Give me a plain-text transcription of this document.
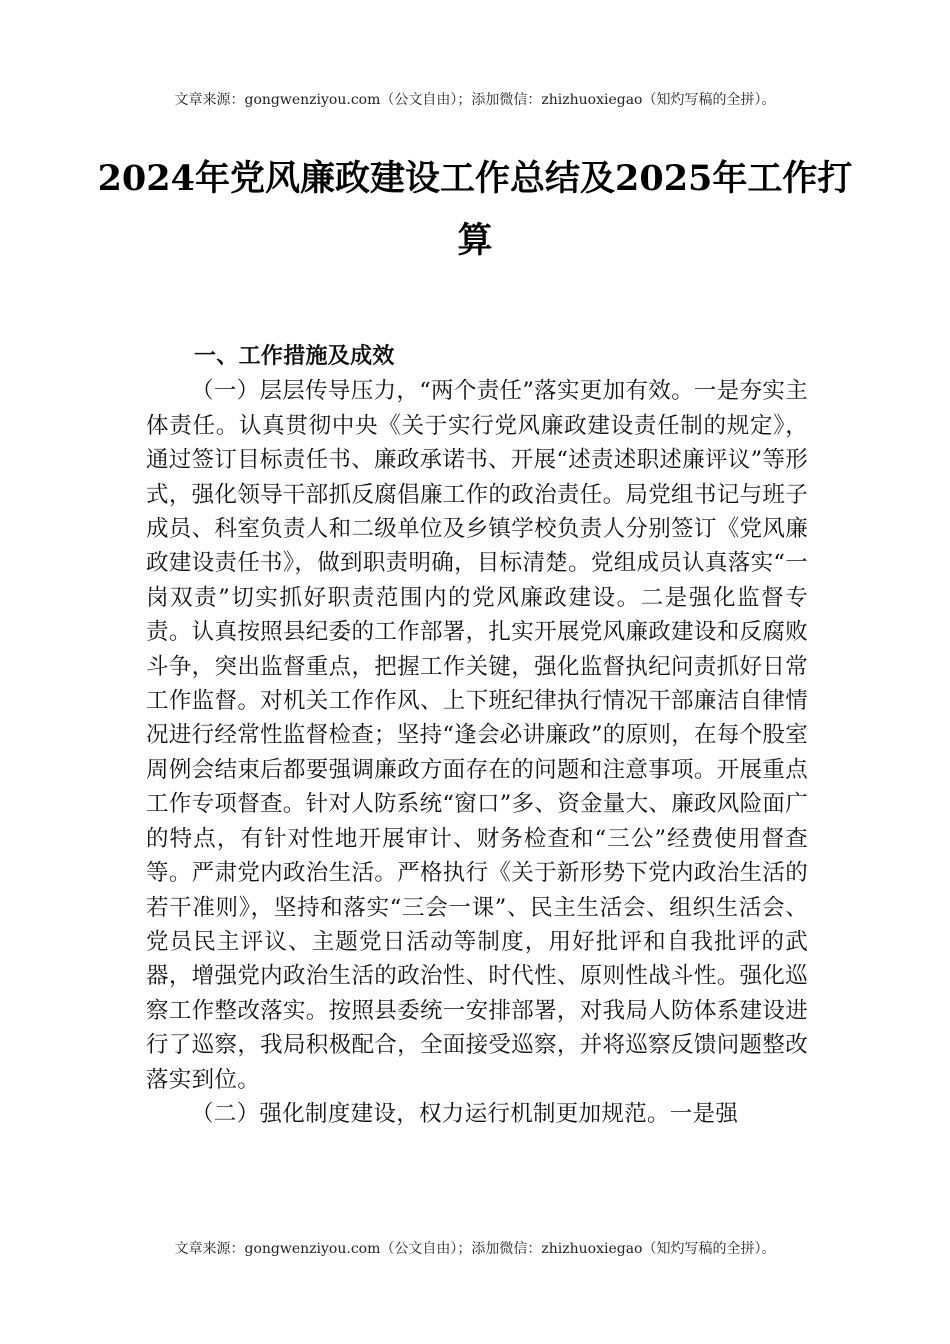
文章来源：gongwenziyou.com（公文自由）；添加微信：zhizhuoxiegao（知灼写稿的全拼）。
2024年党风廉政建设工作总结及2025年工作打算
一、工作措施及成效

（一）层层传导压力，“两个责任”落实更加有效。一是夯实主体责任。认真贯彻中央《关于实行党风廉政建设责任制的规定》，通过签订目标责任书、廉政承诺书、开展“述责述职述廉评议”等形式，强化领导干部抓反腐倡廉工作的政治责任。局党组书记与班子成员、科室负责人和二级单位及乡镇学校负责人分别签订《党风廉政建设责任书》，做到职责明确，目标清楚。党组成员认真落实“一岗双责”切实抓好职责范围内的党风廉政建设。二是强化监督专责。认真按照县纪委的工作部署，扎实开展党风廉政建设和反腐败斗争，突出监督重点，把握工作关键，强化监督执纪问责抓好日常工作监督。对机关工作作风、上下班纪律执行情况干部廉洁自律情况进行经常性监督检查；坚持“逢会必讲廉政”的原则，在每个股室周例会结束后都要强调廉政方面存在的问题和注意事项。开展重点工作专项督查。针对人防系统“窗口”多、资金量大、廉政风险面广的特点，有针对性地开展审计、财务检查和“三公”经费使用督查等。严肃党内政治生活。严格执行《关于新形势下党内政治生活的若干准则》，坚持和落实“三会一课”、民主生活会、组织生活会、党员民主评议、主题党日活动等制度，用好批评和自我批评的武器，增强党内政治生活的政治性、时代性、原则性战斗性。强化巡察工作整改落实。按照县委统一安排部署，对我局人防体系建设进行了巡察，我局积极配合，全面接受巡察，并将巡察反馈问题整改落实到位。

（二）强化制度建设，权力运行机制更加规范。一是强

文章来源：gongwenziyou.com（公文自由）；添加微信：zhizhuoxiegao（知灼写稿的全拼）。
